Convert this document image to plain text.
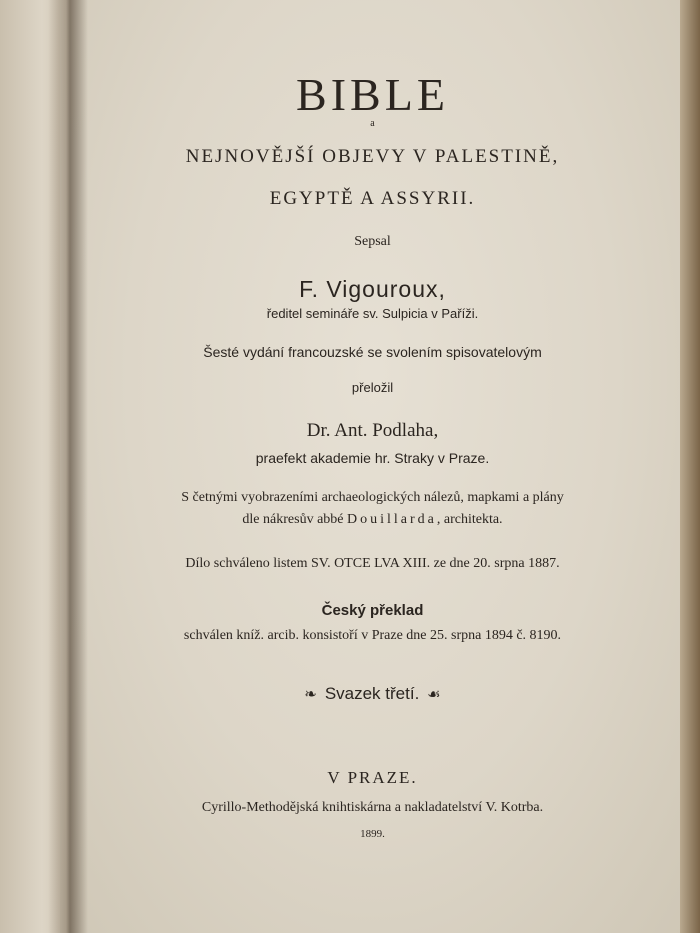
BIBLE
a
NEJNOVĚJŠÍ OBJEVY V PALESTINĚ,
EGYPTĚ A ASSYRII.
Sepsal
F. Vigouroux,
ředitel semináře sv. Sulpicia v Paříži.
Šesté vydání francouzské se svolením spisovatelovým
přeložil
Dr. Ant. Podlaha,
praefekt akademie hr. Straky v Praze.
S četnými vyobrazeními archaeologických nálezů, mapkami a plány
dle nákresův abbé Douillarda, architekta.
Dílo schváleno listem SV. OTCE LVA XIII. ze dne 20. srpna 1887.
Český překlad
schválen kníž. arcib. konsistoří v Praze dne 25. srpna 1894 č. 8190.
❧ Svazek třetí. ☙
V PRAZE.
Cyrillo-Methodějská knihtiskárna a nakladatelství V. Kotrba.
1899.
